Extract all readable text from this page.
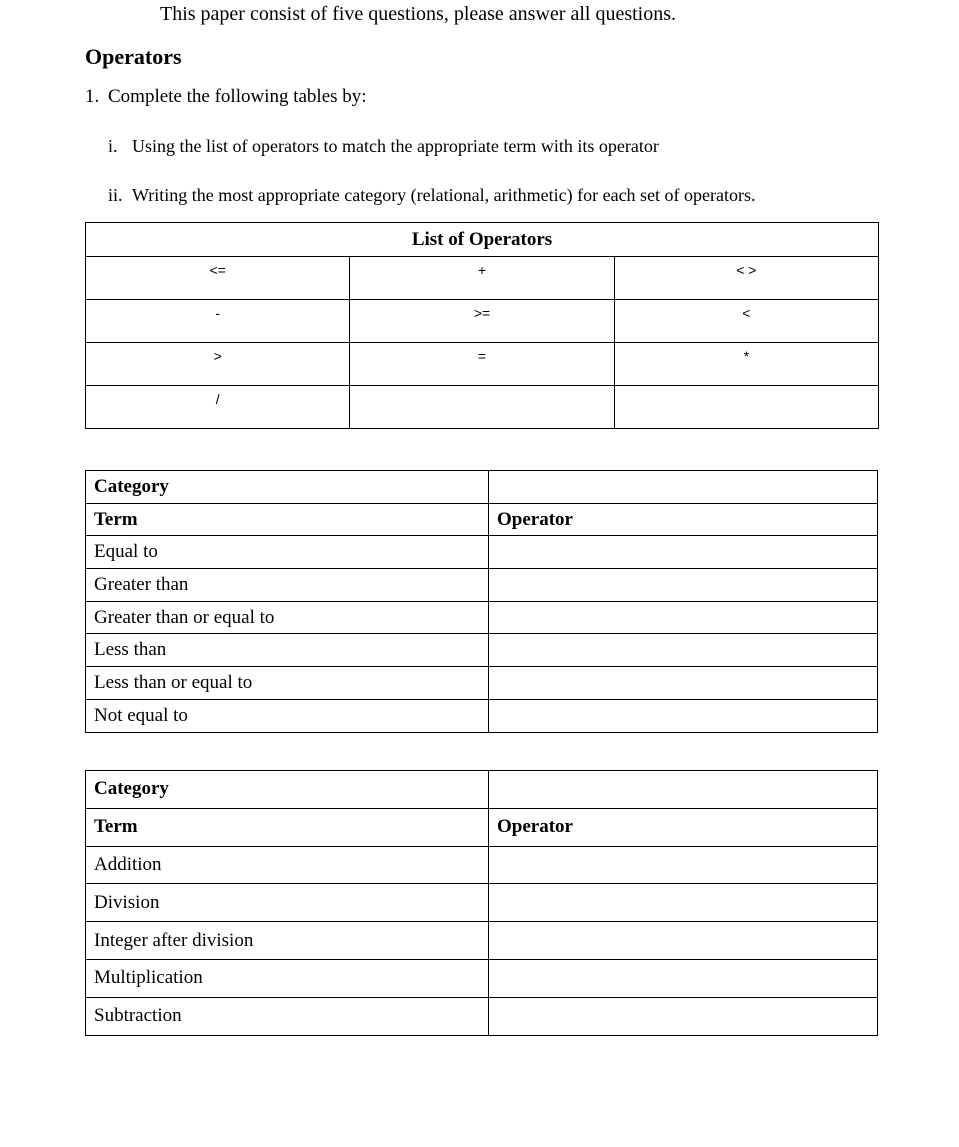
This paper consist of five questions, please answer all questions.
Operators
1. Complete the following tables by:
i. Using the list of operators to match the appropriate term with its operator
ii. Writing the most appropriate category (relational, arithmetic) for each set of operators.
List of Operators		
<=	+	< >
-	>=	<
>	=	*
/		
Category	
Term	Operator
Equal to	
Greater than	
Greater than or equal to	
Less than	
Less than or equal to	
Not equal to	
Category	
Term	Operator
Addition	
Division	
Integer after division	
Multiplication	
Subtraction	
